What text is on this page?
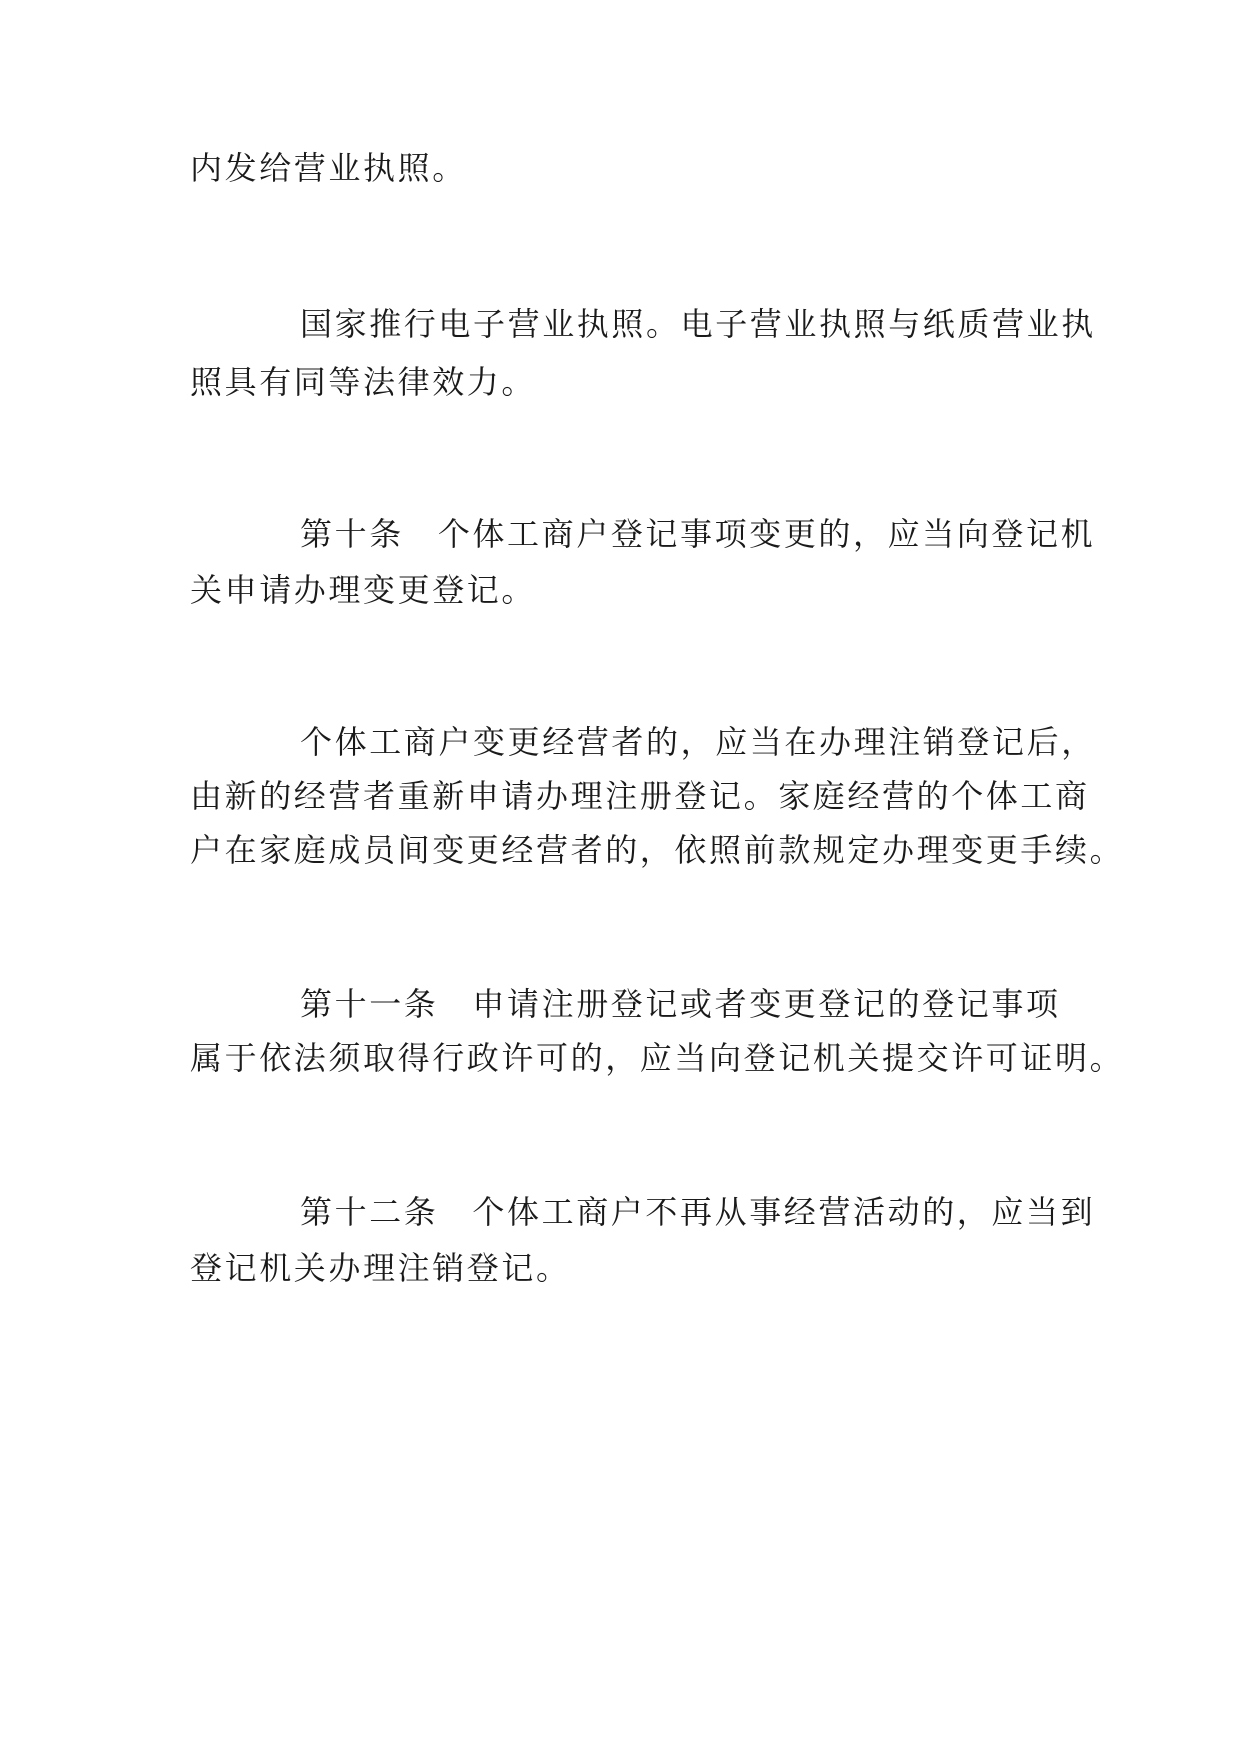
内发给营业执照。
国家推行电子营业执照。电子营业执照与纸质营业执
照具有同等法律效力。
第十条 个体工商户登记事项变更的，应当向登记机
关申请办理变更登记。
个体工商户变更经营者的，应当在办理注销登记后，
由新的经营者重新申请办理注册登记。家庭经营的个体工商
户在家庭成员间变更经营者的，依照前款规定办理变更手续。
第十一条 申请注册登记或者变更登记的登记事项
属于依法须取得行政许可的，应当向登记机关提交许可证明。
第十二条 个体工商户不再从事经营活动的，应当到
登记机关办理注销登记。
